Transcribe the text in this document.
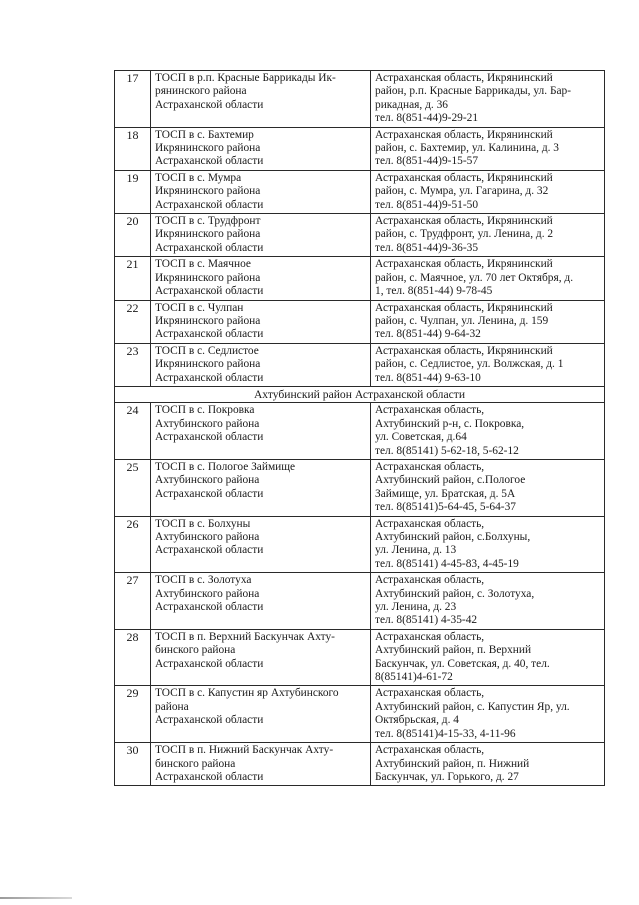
17	ТОСП в р.п. Красные Баррикады Ик-
рянинского района
Астраханской области	Астраханская область, Икрянинский
район, р.п. Красные Баррикады, ул. Бар-
рикадная, д. 36
тел. 8(851-44)9-29-21

18	ТОСП в с. Бахтемир
Икрянинского района
Астраханской области	Астраханская область, Икрянинский
район, с. Бахтемир, ул. Калинина, д. 3
тел. 8(851-44)9-15-57

19	ТОСП в с. Мумра
Икрянинского района
Астраханской области	Астраханская область, Икрянинский
район, с. Мумра, ул. Гагарина, д. 32
тел. 8(851-44)9-51-50

20	ТОСП в с. Трудфронт
Икрянинского района
Астраханской области	Астраханская область, Икрянинский
район, с. Трудфронт, ул. Ленина, д. 2
тел. 8(851-44)9-36-35

21	ТОСП в с. Маячное
Икрянинского района
Астраханской области	Астраханская область, Икрянинский
район, с. Маячное, ул. 70 лет Октября, д.
1, тел. 8(851-44) 9-78-45

22	ТОСП в с. Чулпан
Икрянинского района
Астраханской области	Астраханская область, Икрянинский
район, с. Чулпан, ул. Ленина, д. 159
тел. 8(851-44) 9-64-32

23	ТОСП в с. Седлистое
Икрянинского района
Астраханской области	Астраханская область, Икрянинский
район, с. Седлистое, ул. Волжская, д. 1
тел. 8(851-44) 9-63-10

Ахтубинский район Астраханской области		
24	ТОСП в с. Покровка
Ахтубинского района
Астраханской области	Астраханская область,
Ахтубинский р-н, с. Покровка,
ул. Советская, д.64
тел. 8(85141) 5-62-18, 5-62-12

25	ТОСП в с. Пологое Займище
Ахтубинского района
Астраханской области	Астраханская область,
Ахтубинский район, с.Пологое
Займище, ул. Братская, д. 5А
тел. 8(85141)5-64-45, 5-64-37

26	ТОСП в с. Болхуны
Ахтубинского района
Астраханской области	Астраханская область,
Ахтубинский район, с.Болхуны,
ул. Ленина, д. 13
тел. 8(85141) 4-45-83, 4-45-19

27	ТОСП в с. Золотуха
Ахтубинского района
Астраханской области	Астраханская область,
Ахтубинский район, с. Золотуха,
ул. Ленина, д. 23
тел. 8(85141) 4-35-42

28	ТОСП в п. Верхний Баскунчак Ахту-
бинского района
Астраханской области	Астраханская область,
Ахтубинский район, п. Верхний
Баскунчак, ул. Советская, д. 40, тел.
8(85141)4-61-72

29	ТОСП в с. Капустин яр Ахтубинского
района
Астраханской области	Астраханская область,
Ахтубинский район, с. Капустин Яр, ул.
Октябрьская, д. 4
тел. 8(85141)4-15-33, 4-11-96

30	ТОСП в п. Нижний Баскунчак Ахту-
бинского района
Астраханской области	Астраханская область,
Ахтубинский район, п. Нижний
Баскунчак, ул. Горького, д. 27
